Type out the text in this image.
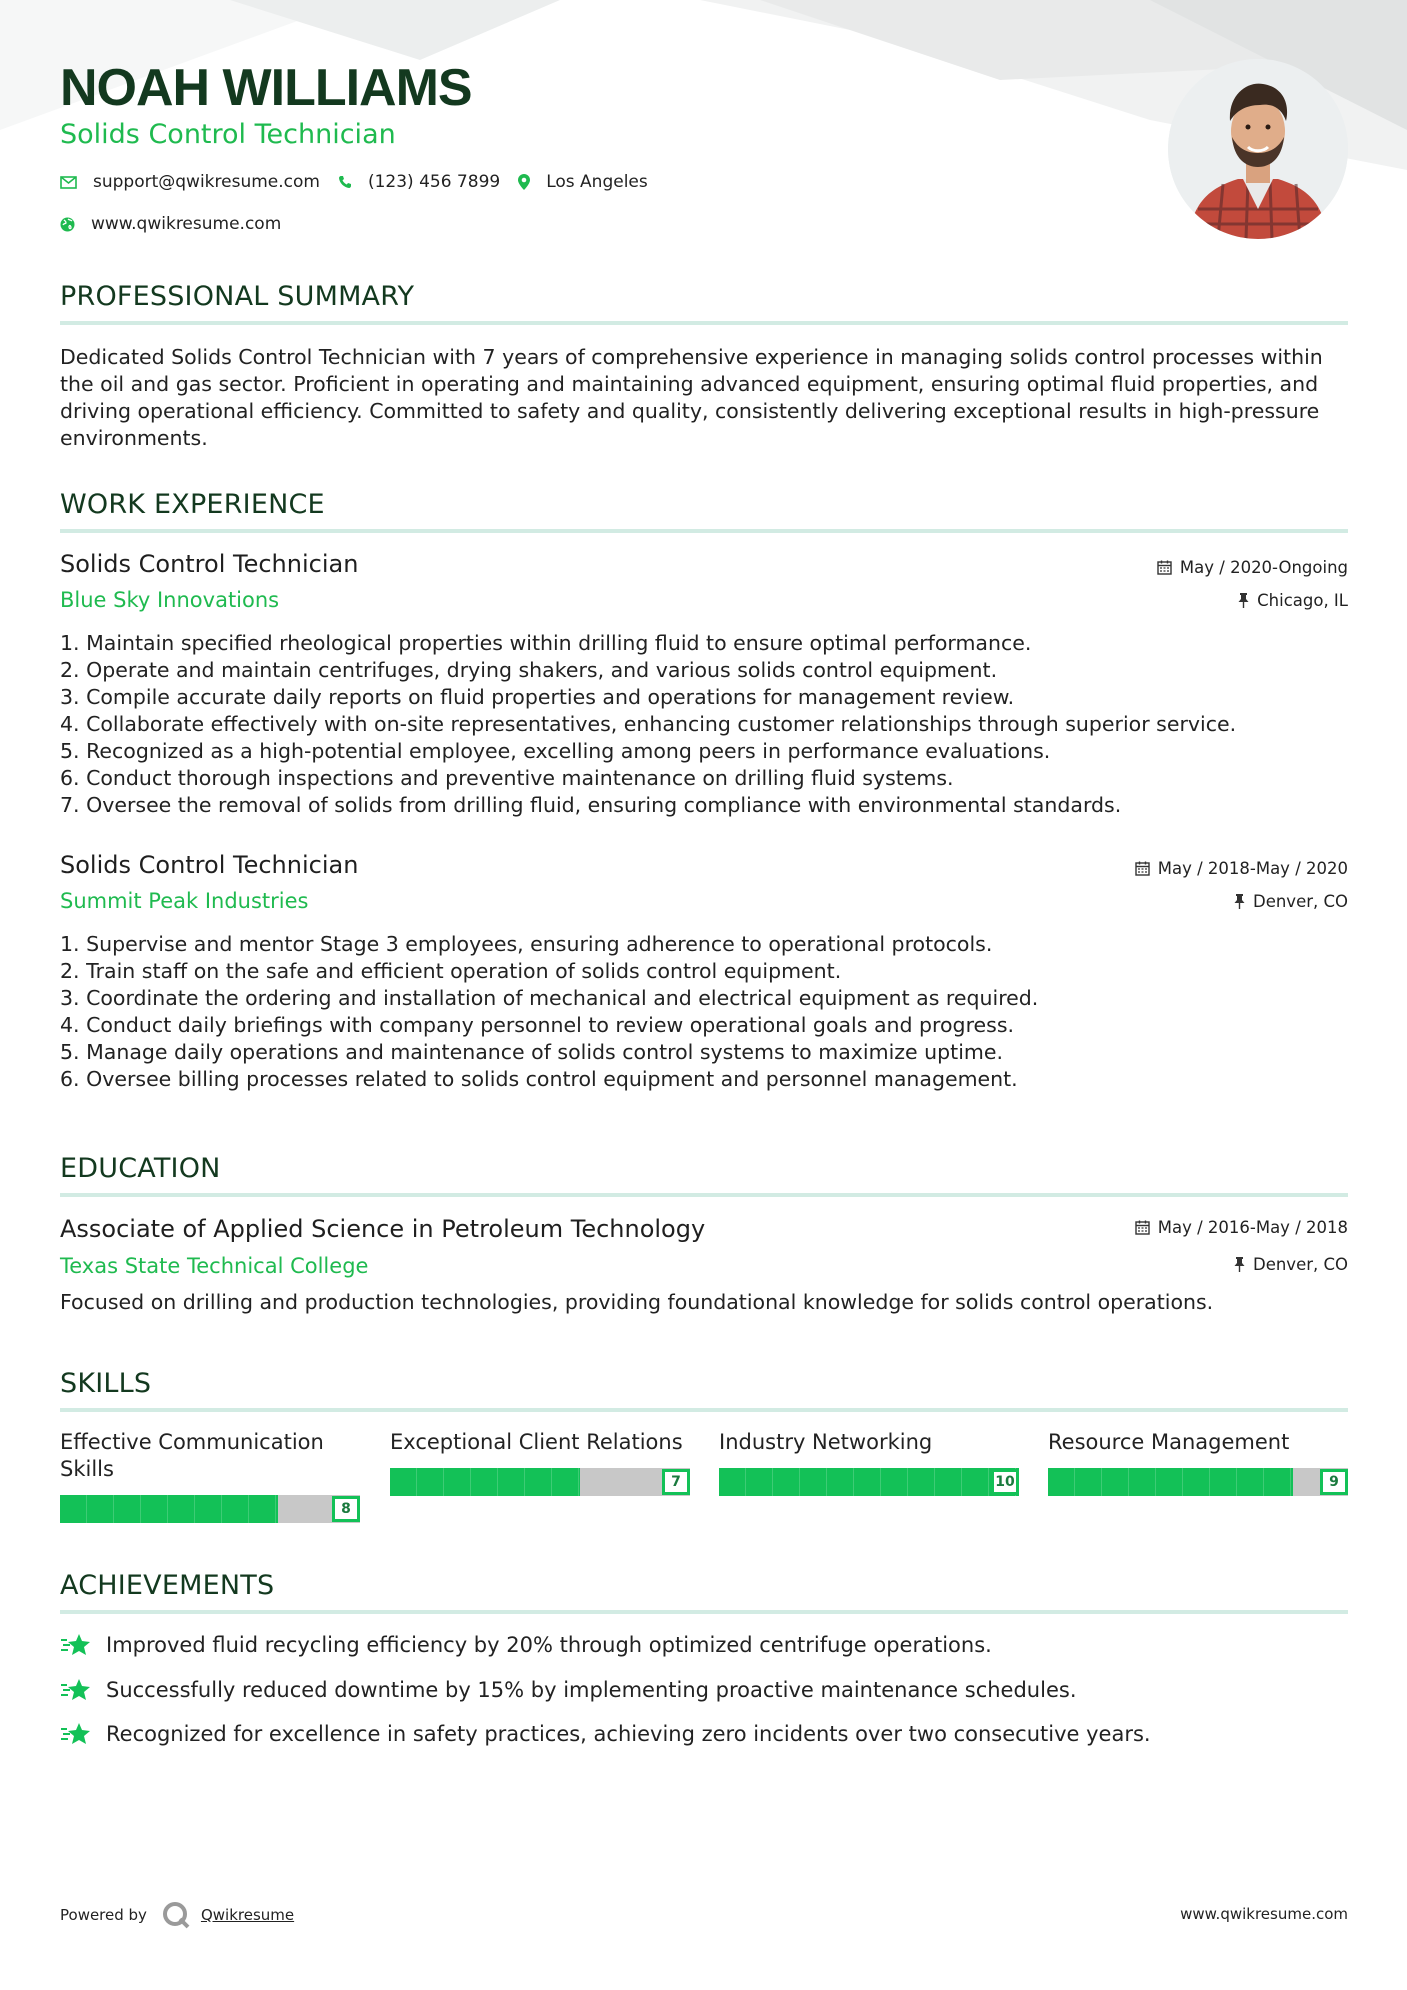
NOAH WILLIAMS

Solids Control Technician

support@qwikresume.com	(123) 456 7899	Los Angeles
www.qwikresume.com
PROFESSIONAL SUMMARY

Dedicated Solids Control Technician with 7 years of comprehensive experience in managing solids control processes within the oil and gas sector. Proficient in operating and maintaining advanced equipment, ensuring optimal fluid properties, and driving operational efficiency. Committed to safety and quality, consistently delivering exceptional results in high-pressure environments.

WORK EXPERIENCE

Solids Control Technician

Blue Sky Innovations

May / 2020-Ongoing
Chicago, IL
1. Maintain specified rheological properties within drilling fluid to ensure optimal performance.
2. Operate and maintain centrifuges, drying shakers, and various solids control equipment.
3. Compile accurate daily reports on fluid properties and operations for management review.
4. Collaborate effectively with on-site representatives, enhancing customer relationships through superior service.
5. Recognized as a high-potential employee, excelling among peers in performance evaluations.
6. Conduct thorough inspections and preventive maintenance on drilling fluid systems.
7. Oversee the removal of solids from drilling fluid, ensuring compliance with environmental standards.

Solids Control Technician

Summit Peak Industries

May / 2018-May / 2020
Denver, CO
1. Supervise and mentor Stage 3 employees, ensuring adherence to operational protocols.
2. Train staff on the safe and efficient operation of solids control equipment.
3. Coordinate the ordering and installation of mechanical and electrical equipment as required.
4. Conduct daily briefings with company personnel to review operational goals and progress.
5. Manage daily operations and maintenance of solids control systems to maximize uptime.
6. Oversee billing processes related to solids control equipment and personnel management.
EDUCATION

Associate of Applied Science in Petroleum Technology

Texas State Technical College

May / 2016-May / 2018
Denver, CO

Focused on drilling and production technologies, providing foundational knowledge for solids control operations.

SKILLS

Effective Communication
Skills

8

Exceptional Client Relations

7

Industry Networking

10

Resource Management

9
ACHIEVEMENTS
Improved fluid recycling efficiency by 20% through optimized centrifuge operations.
Successfully reduced downtime by 15% by implementing proactive maintenance schedules.
Recognized for excellence in safety practices, achieving zero incidents over two consecutive years.
Powered by	Qwikresume	www.qwikresume.com
